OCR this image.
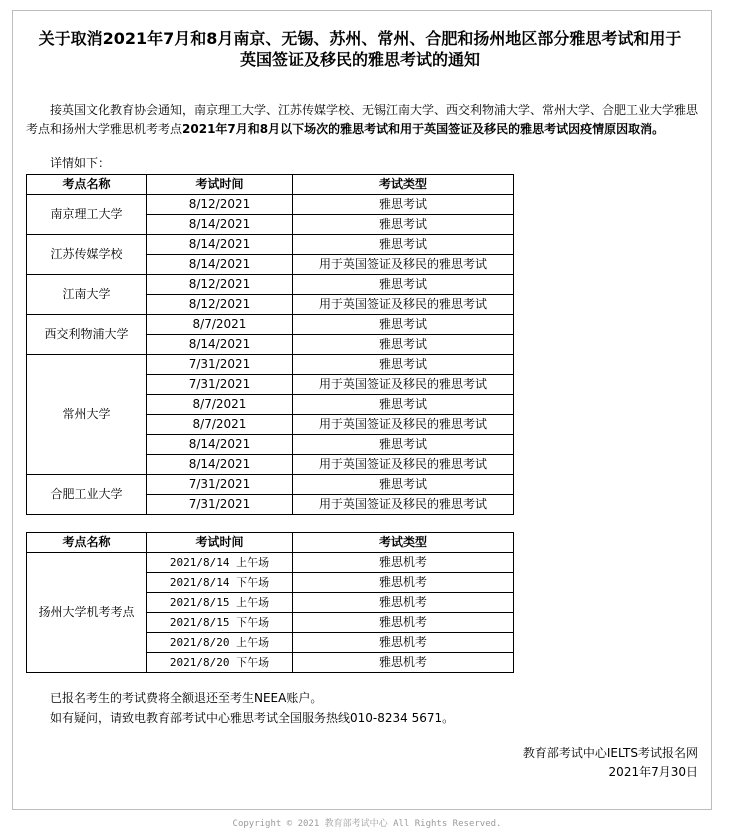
关于取消2021年7月和8月南京、无锡、苏州、常州、合肥和扬州地区部分雅思考试和用于
英国签证及移民的雅思考试的通知
接英国文化教育协会通知，南京理工大学、江苏传媒学校、无锡江南大学、西交利物浦大学、常州大学、合肥工业大学雅思考点和扬州大学雅思机考考点2021年7月和8月以下场次的雅思考试和用于英国签证及移民的雅思考试因疫情原因取消。
详情如下：
考点名称	考试时间	考试类型
南京理工大学	8/12/2021	雅思考试
	8/14/2021	雅思考试
江苏传媒学校	8/14/2021	雅思考试
	8/14/2021	用于英国签证及移民的雅思考试
江南大学	8/12/2021	雅思考试
	8/12/2021	用于英国签证及移民的雅思考试
西交利物浦大学	8/7/2021	雅思考试
	8/14/2021	雅思考试
常州大学	7/31/2021	雅思考试
	7/31/2021	用于英国签证及移民的雅思考试
	8/7/2021	雅思考试
	8/7/2021	用于英国签证及移民的雅思考试
	8/14/2021	雅思考试
	8/14/2021	用于英国签证及移民的雅思考试
合肥工业大学	7/31/2021	雅思考试
	7/31/2021	用于英国签证及移民的雅思考试
考点名称	考试时间	考试类型
扬州大学机考考点	2021/8/14 上午场	雅思机考
	2021/8/14 下午场	雅思机考
	2021/8/15 上午场	雅思机考
	2021/8/15 下午场	雅思机考
	2021/8/20 上午场	雅思机考
	2021/8/20 下午场	雅思机考
已报名考生的考试费将全额退还至考生NEEA账户。
如有疑问，请致电教育部考试中心雅思考试全国服务热线010-8234 5671。
教育部考试中心IELTS考试报名网
2021年7月30日
Copyright © 2021 教育部考试中心 All Rights Reserved.
